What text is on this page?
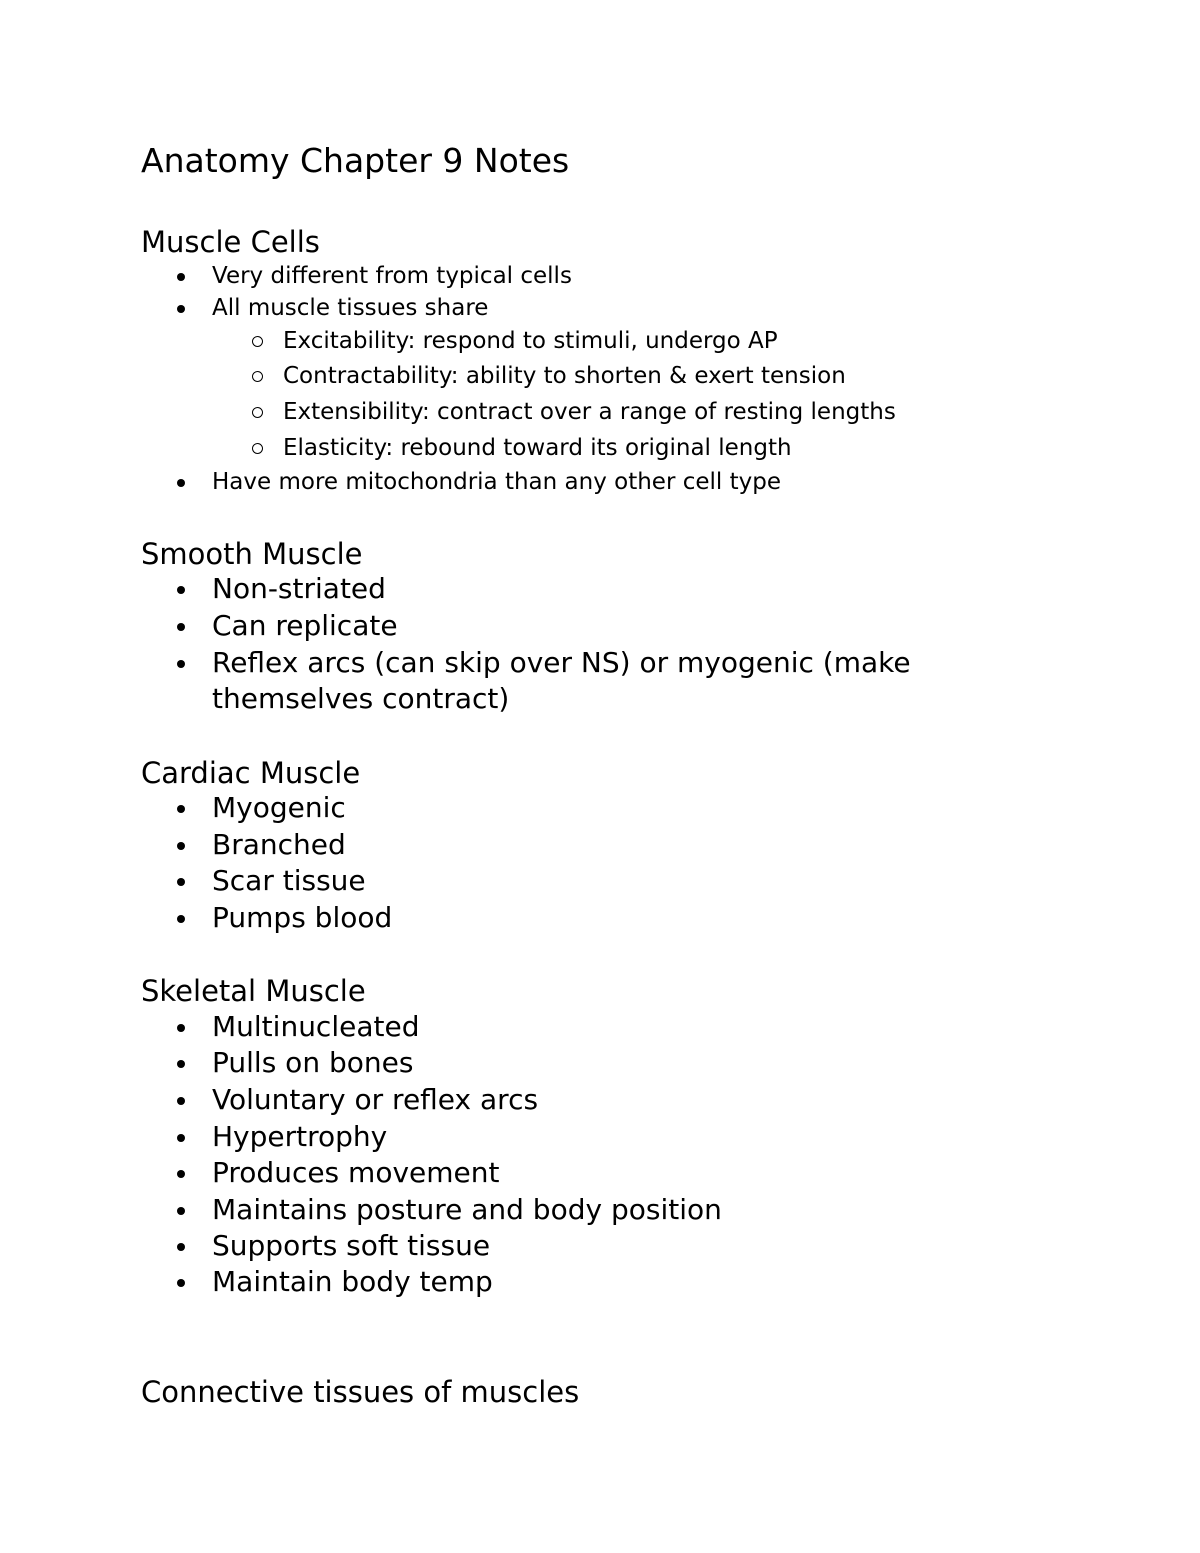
Anatomy Chapter 9 Notes
Muscle Cells
Very different from typical cells
All muscle tissues share
Excitability: respond to stimuli, undergo AP
Contractability: ability to shorten & exert tension
Extensibility: contract over a range of resting lengths
Elasticity: rebound toward its original length
Have more mitochondria than any other cell type
Smooth Muscle
Non-striated
Can replicate
Reflex arcs (can skip over NS) or myogenic (make
themselves contract)
Cardiac Muscle
Myogenic
Branched
Scar tissue
Pumps blood
Skeletal Muscle
Multinucleated
Pulls on bones
Voluntary or reflex arcs
Hypertrophy
Produces movement
Maintains posture and body position
Supports soft tissue
Maintain body temp
Connective tissues of muscles
